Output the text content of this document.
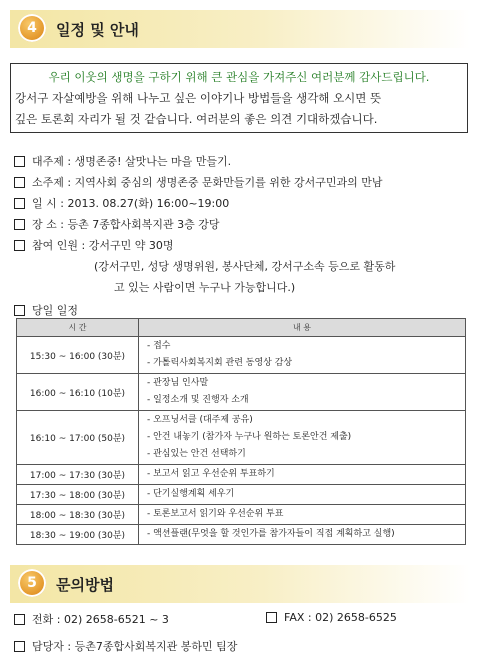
4	일정 및 안내
우리 이웃의 생명을 구하기 위해 큰 관심을 가져주신 여러분께 감사드립니다.
강서구 자살예방을 위해 나누고 싶은 이야기나 방법들을 생각해 오시면 뜻
깊은 토론회 자리가 될 것 같습니다. 여러분의 좋은 의견 기대하겠습니다.
대주제 : 생명존중! 살맛나는 마을 만들기.
소주제 : 지역사회 중심의 생명존중 문화만들기를 위한 강서구민과의 만남
일 시 : 2013. 08.27(화) 16:00~19:00
장 소 : 등촌 7종합사회복지관 3층 강당
참여 인원 : 강서구민 약 30명
(강서구민, 성당 생명위원, 봉사단체, 강서구소속 등으로 활동하
고 있는 사람이면 누구나 가능합니다.)
당일 일정
시 간	내 용
15:30 ~ 16:00 (30분)	- 접수
- 가톨릭사회복지회 관련 동영상 감상

16:00 ~ 16:10 (10분)	- 관장님 인사말
- 일정소개 및 진행자 소개

16:10 ~ 17:00 (50분)	- 오프닝서클 (대주제 공유)
- 안건 내놓기 (참가자 누구나 원하는 토론안건 제출)
- 관심있는 안건 선택하기

17:00 ~ 17:30 (30분)	- 보고서 읽고 우선순위 투표하기

17:30 ~ 18:00 (30분)	- 단기실행계획 세우기

18:00 ~ 18:30 (30분)	- 토론보고서 읽기와 우선순위 투표

18:30 ~ 19:00 (30분)	- 액션플랜(무엇을 할 것인가를 참가자들이 직접 계획하고 실행)
5	문의방법
전화 : 02) 2658-6521 ~ 3	FAX : 02) 2658-6525
담당자 : 등촌7종합사회복지관 봉하민 팀장
